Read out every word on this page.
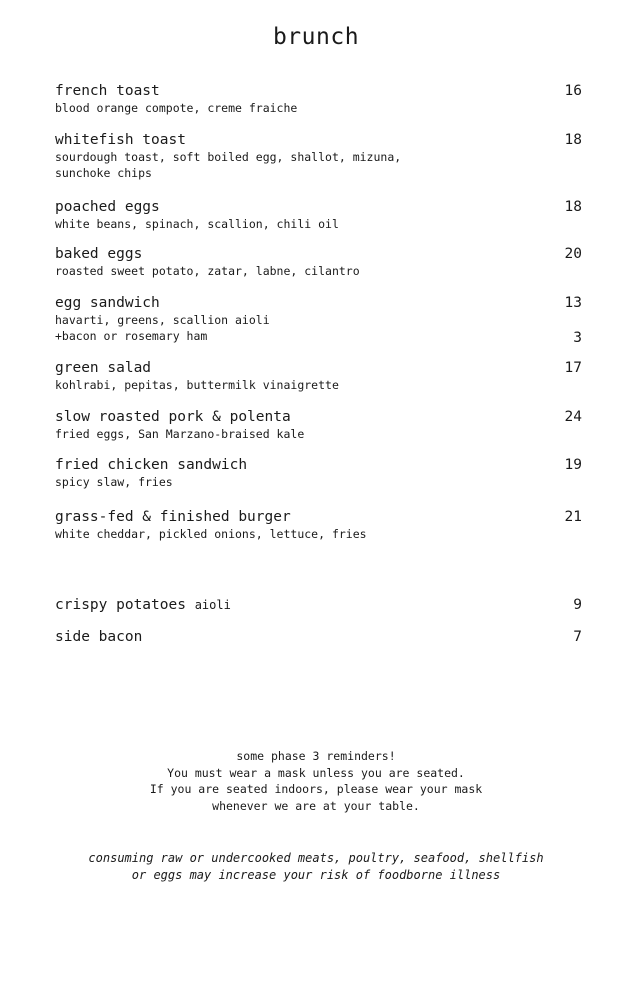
brunch
french toast	16
blood orange compote, creme fraiche
whitefish toast	18
sourdough toast, soft boiled egg, shallot, mizuna,
sunchoke chips
poached eggs	18
white beans, spinach, scallion, chili oil
baked eggs	20
roasted sweet potato, zatar, labne, cilantro
egg sandwich	13
havarti, greens, scallion aioli
+bacon or rosemary ham	3
green salad	17
kohlrabi, pepitas, buttermilk vinaigrette
slow roasted pork & polenta	24
fried eggs, San Marzano-braised kale
fried chicken sandwich	19
spicy slaw, fries
grass-fed & finished burger	21
white cheddar, pickled onions, lettuce, fries
crispy potatoes aioli	9
side bacon	7
some phase 3 reminders!
You must wear a mask unless you are seated.
If you are seated indoors, please wear your mask
whenever we are at your table.
consuming raw or undercooked meats, poultry, seafood, shellfish
or eggs may increase your risk of foodborne illness
